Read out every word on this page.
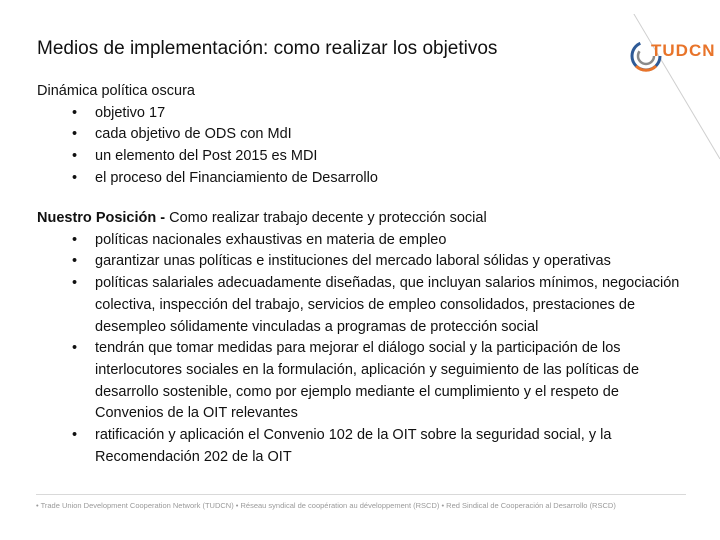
Medios de implementación: como realizar los objetivos	TUDCN
Dinámica política oscura
• objetivo 17
• cada objetivo de ODS con MdI
• un elemento del Post 2015 es MDI
• el proceso del Financiamiento de Desarrollo
Nuestro Posición - Como realizar trabajo decente y protección social
• políticas nacionales exhaustivas en materia de empleo
• garantizar unas políticas e instituciones del mercado laboral sólidas y operativas
• políticas salariales adecuadamente diseñadas, que incluyan salarios mínimos, negociación colectiva, inspección del trabajo, servicios de empleo consolidados, prestaciones de desempleo sólidamente vinculadas a programas de protección social
• tendrán que tomar medidas para mejorar el diálogo social y la participación de los interlocutores sociales en la formulación, aplicación y seguimiento de las políticas de desarrollo sostenible, como por ejemplo mediante el cumplimiento y el respeto de Convenios de la OIT relevantes
• ratificación y aplicación el Convenio 102 de la OIT sobre la seguridad social, y la Recomendación 202 de la OIT
• Trade Union Development Cooperation Network (TUDCN) • Réseau syndical de coopération au développement (RSCD) • Red Sindical de Cooperación al Desarrollo (RSCD)
